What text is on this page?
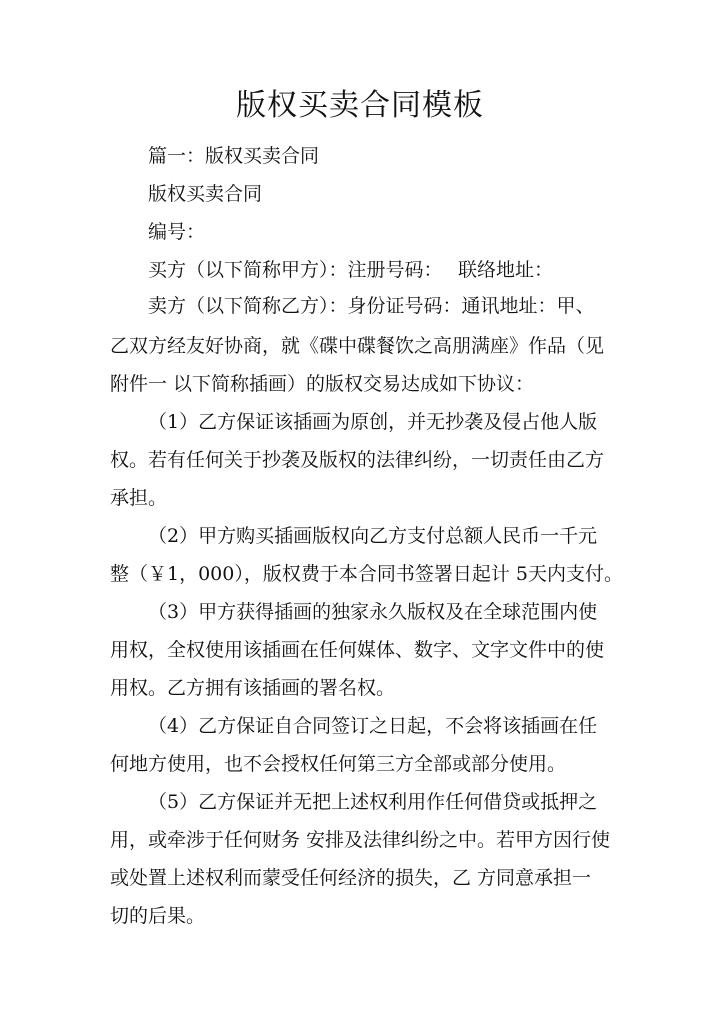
版权买卖合同模板

篇一：版权买卖合同

版权买卖合同

编号：

买方（以下简称甲方）：注册号码：　 联络地址：

卖方（以下简称乙方）：身份证号码：通讯地址：甲、

乙双方经友好协商，就《碟中碟餐饮之高朋满座》作品（见

附件一 以下简称插画）的版权交易达成如下协议：

（1）乙方保证该插画为原创，并无抄袭及侵占他人版

权。若有任何关于抄袭及版权的法律纠纷，一切责任由乙方

承担。

（2）甲方购买插画版权向乙方支付总额人民币一千元

整（￥1，000），版权费于本合同书签署日起计 5天内支付。

（3）甲方获得插画的独家永久版权及在全球范围内使

用权，全权使用该插画在任何媒体、数字、文字文件中的使

用权。乙方拥有该插画的署名权。

（4）乙方保证自合同签订之日起，不会将该插画在任

何地方使用，也不会授权任何第三方全部或部分使用。

（5）乙方保证并无把上述权利用作任何借贷或抵押之

用，或牵涉于任何财务 安排及法律纠纷之中。若甲方因行使

或处置上述权利而蒙受任何经济的损失，乙 方同意承担一

切的后果。
